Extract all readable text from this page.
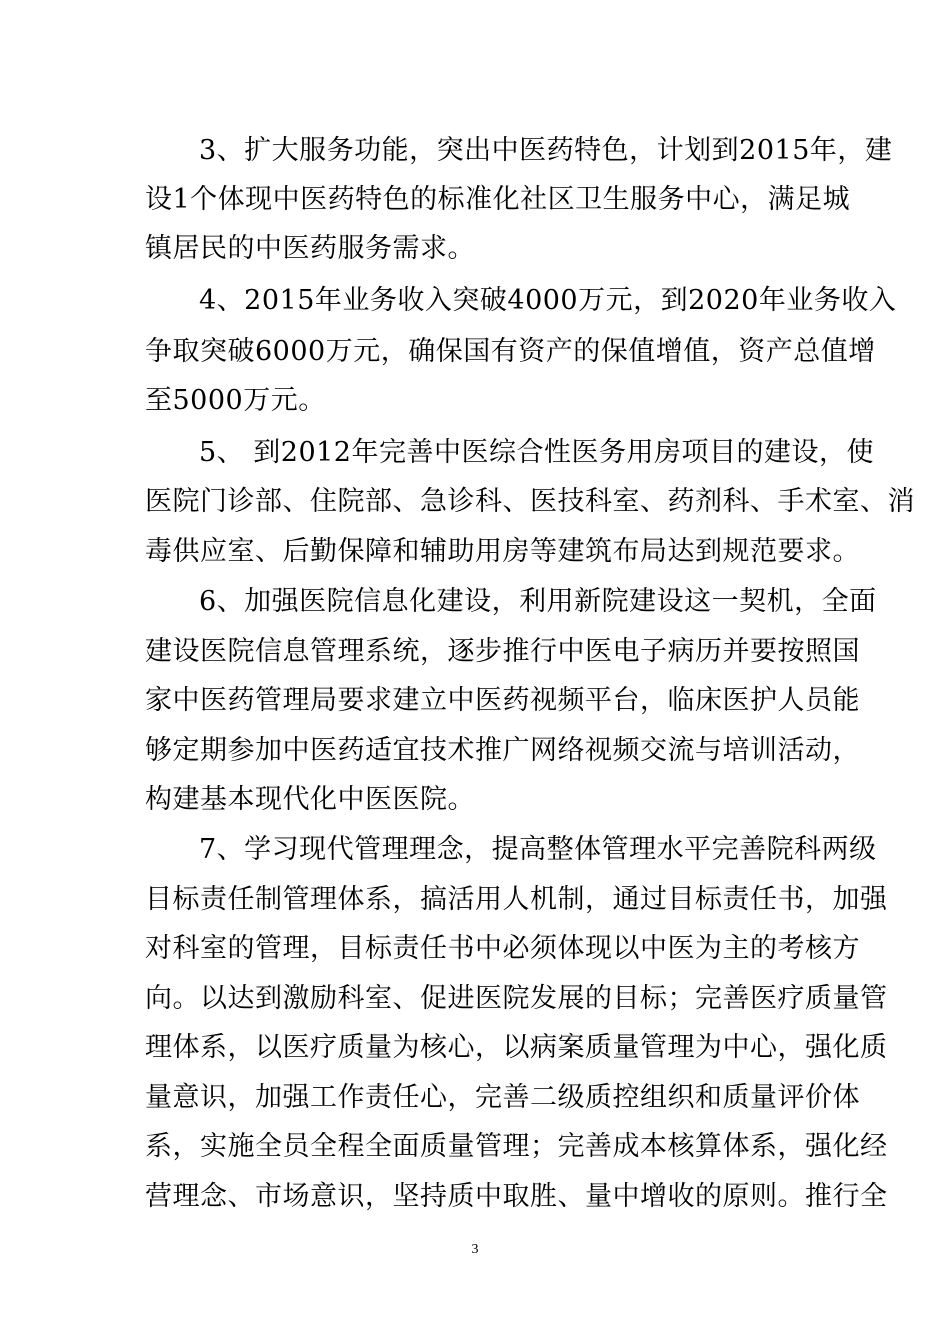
3、扩大服务功能，突出中医药特色，计划到2015年，建
设1个体现中医药特色的标准化社区卫生服务中心，满足城
镇居民的中医药服务需求。
4、2015年业务收入突破4000万元，到2020年业务收入
争取突破6000万元，确保国有资产的保值增值，资产总值增
至5000万元。
5、 到2012年完善中医综合性医务用房项目的建设，使
医院门诊部、住院部、急诊科、医技科室、药剂科、手术室、消
毒供应室、后勤保障和辅助用房等建筑布局达到规范要求。
6、加强医院信息化建设，利用新院建设这一契机，全面
建设医院信息管理系统，逐步推行中医电子病历并要按照国
家中医药管理局要求建立中医药视频平台，临床医护人员能
够定期参加中医药适宜技术推广网络视频交流与培训活动，
构建基本现代化中医医院。
7、学习现代管理理念，提高整体管理水平完善院科两级
目标责任制管理体系，搞活用人机制，通过目标责任书，加强
对科室的管理，目标责任书中必须体现以中医为主的考核方
向。以达到激励科室、促进医院发展的目标；完善医疗质量管
理体系，以医疗质量为核心，以病案质量管理为中心，强化质
量意识，加强工作责任心，完善二级质控组织和质量评价体
系，实施全员全程全面质量管理；完善成本核算体系，强化经
营理念、市场意识，坚持质中取胜、量中增收的原则。推行全
3
